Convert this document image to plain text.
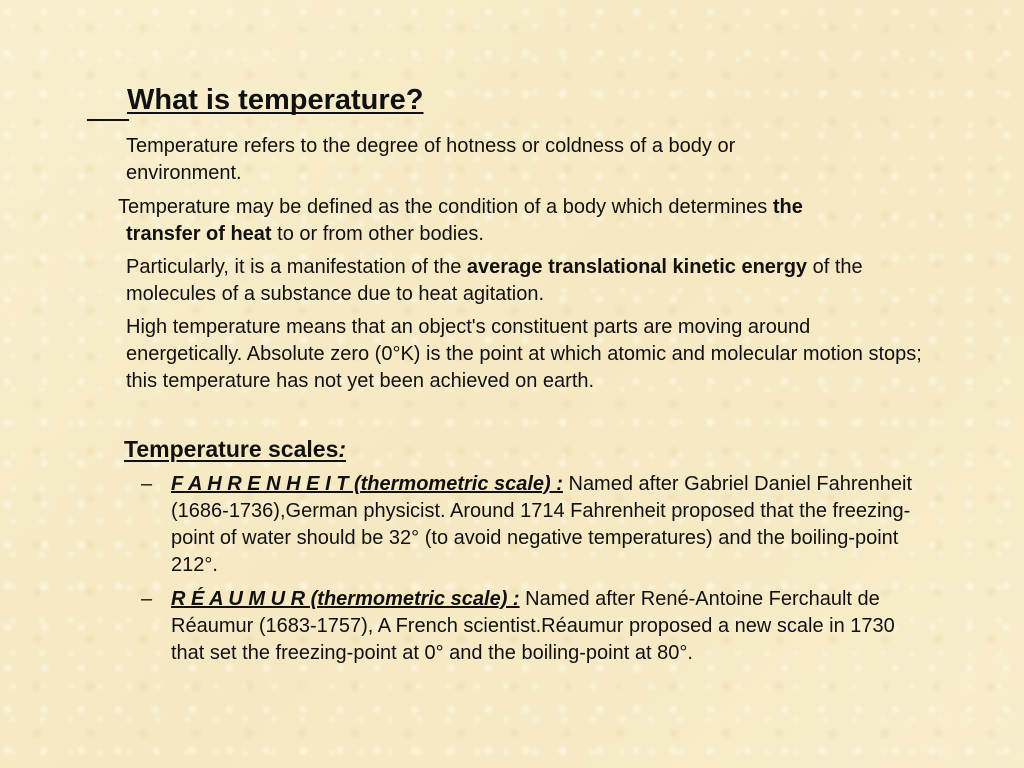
What is temperature?

Temperature refers to the degree of hotness or coldness of a body or environment.

Temperature may be defined as the condition of a body which determines the
transfer of heat to or from other bodies.

Particularly, it is a manifestation of the average translational kinetic energy of the molecules of a substance due to heat agitation.

High temperature means that an object's constituent parts are moving around energetically. Absolute zero (0°K) is the point at which atomic and molecular motion stops; this temperature has not yet been achieved on earth.

Temperature scales:
– F A H R E N H E I T (thermometric scale) : Named after Gabriel Daniel Fahrenheit (1686-1736),German physicist. Around 1714 Fahrenheit proposed that the freezing-point of water should be 32° (to avoid negative temperatures) and the boiling-point 212°.
– R É A U M U R (thermometric scale) : Named after René-Antoine Ferchault de Réaumur (1683-1757), A French scientist.Réaumur proposed a new scale in 1730 that set the freezing-point at 0° and the boiling-point at 80°.
